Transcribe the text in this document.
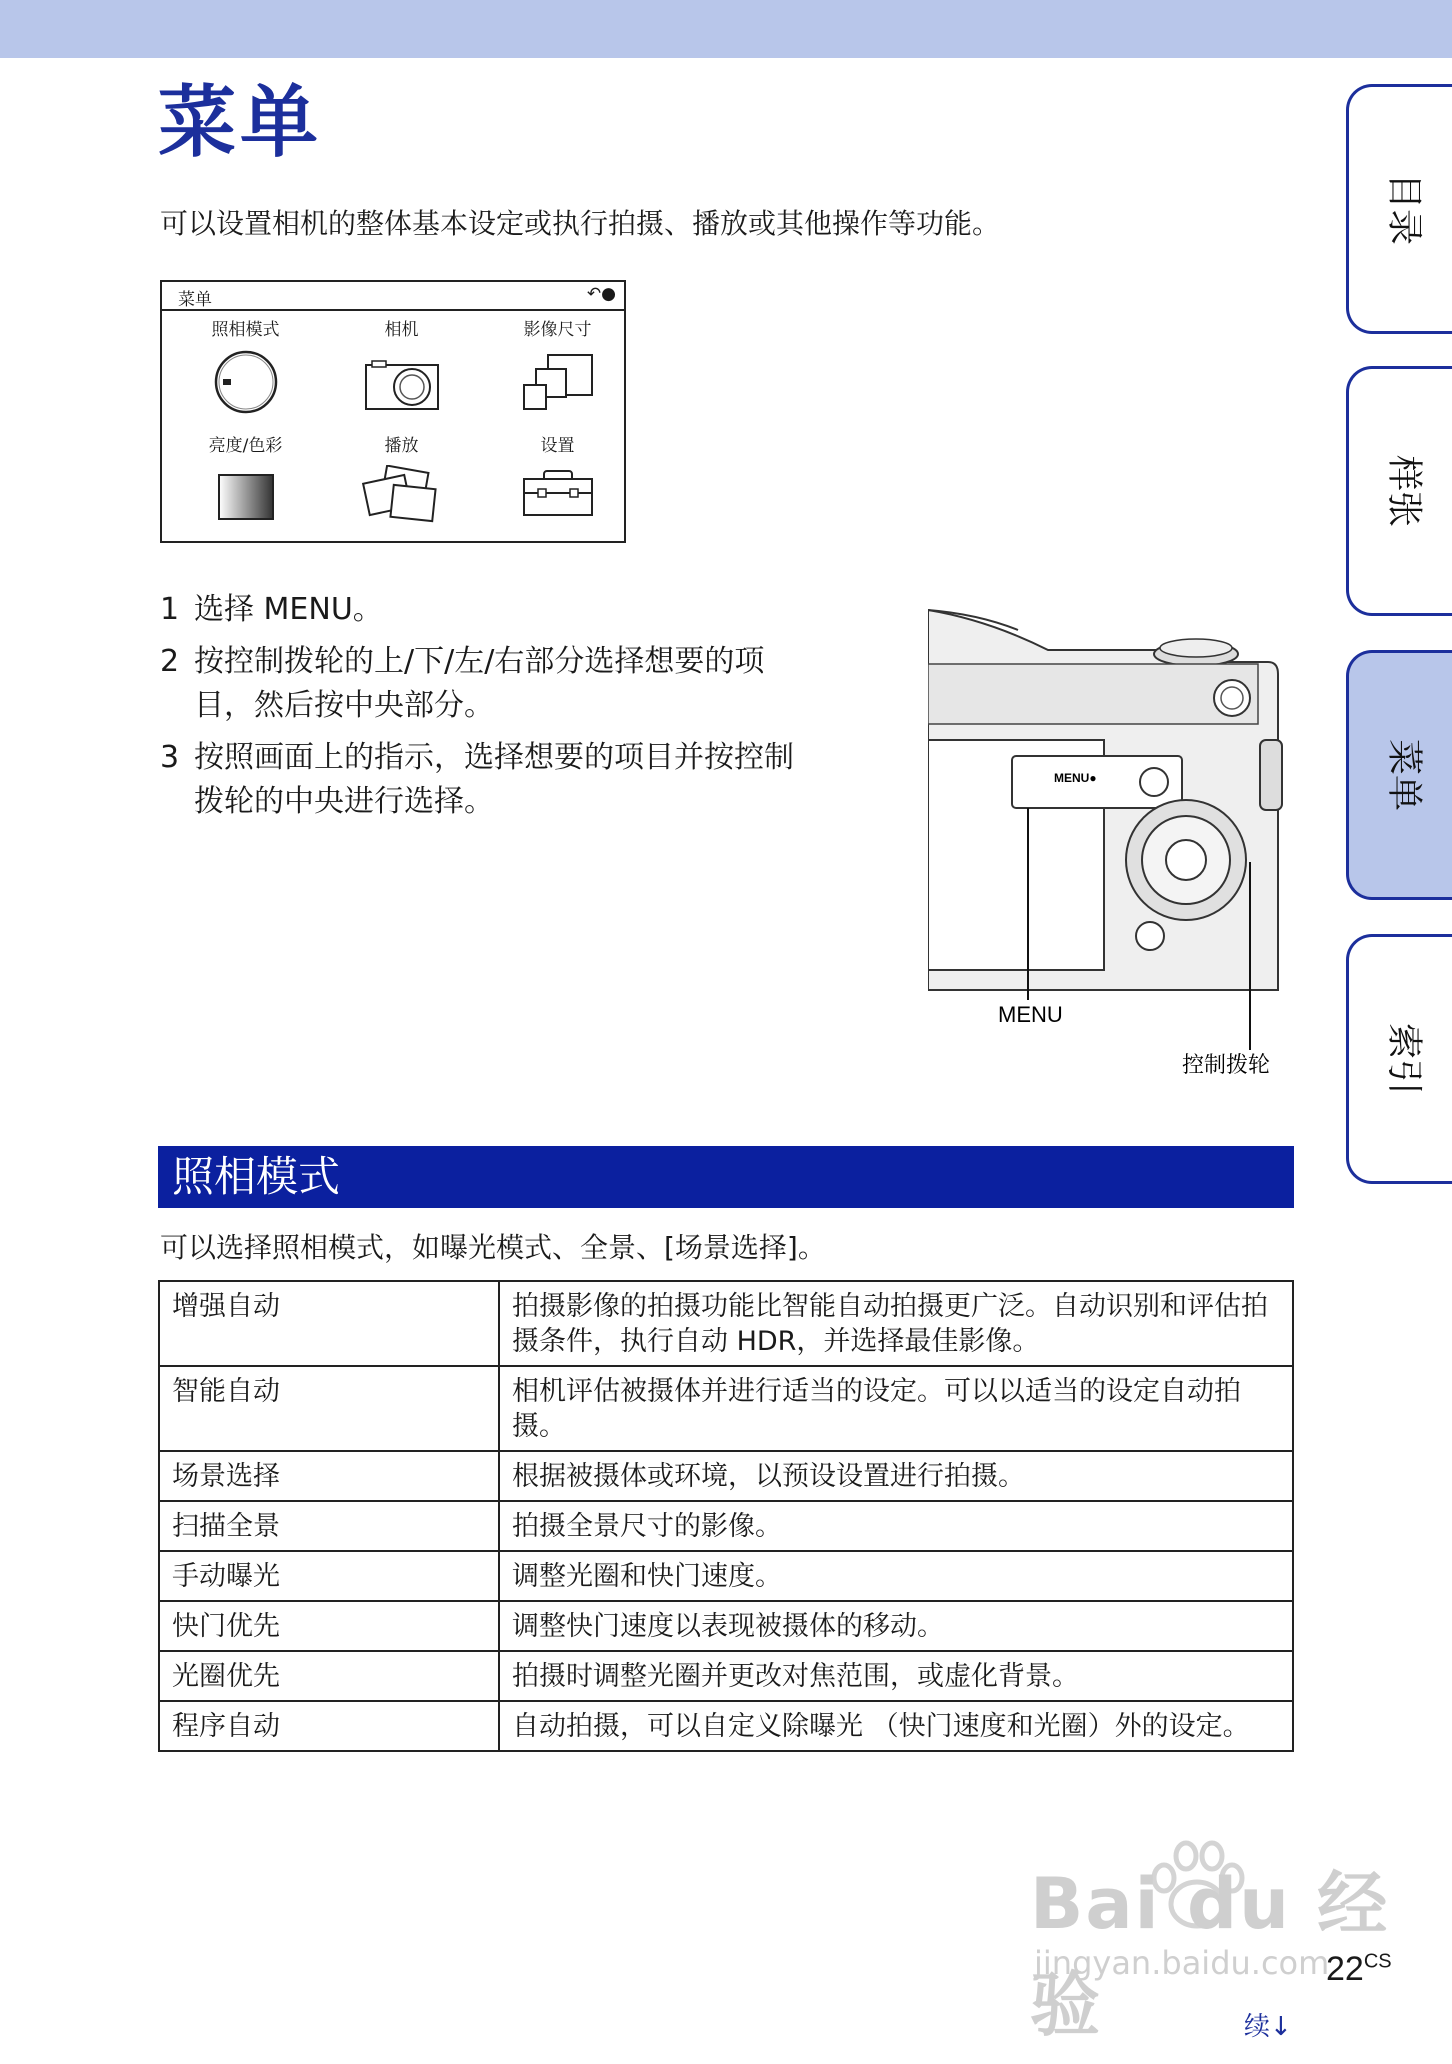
菜单
可以设置相机的整体基本设定或执行拍摄、播放或其他操作等功能。
菜单	↶●
照相模式	相机	影像尺寸
亮度/色彩	播放	设置
1 选择 MENU。
2 按控制拨轮的上/下/左/右部分选择想要的项目，然后按中央部分。
3 按照画面上的指示，选择想要的项目并按控制拨轮的中央进行选择。
MENU●
MENU
控制拨轮
目录
样张
菜单
索引
照相模式
可以选择照相模式，如曝光模式、全景、[场景选择]。
增强自动	拍摄影像的拍摄功能比智能自动拍摄更广泛。自动识别和评估拍摄条件，执行自动 HDR，并选择最佳影像。
智能自动	相机评估被摄体并进行适当的设定。可以以适当的设定自动拍摄。
场景选择	根据被摄体或环境，以预设设置进行拍摄。
扫描全景	拍摄全景尺寸的影像。
手动曝光	调整光圈和快门速度。
快门优先	调整快门速度以表现被摄体的移动。
光圈优先	拍摄时调整光圈并更改对焦范围，或虚化背景。
程序自动	自动拍摄，可以自定义除曝光 （快门速度和光圈）外的设定。
Bai du 经验
jingyan.baidu.com
$22^{CS}$
续↓
